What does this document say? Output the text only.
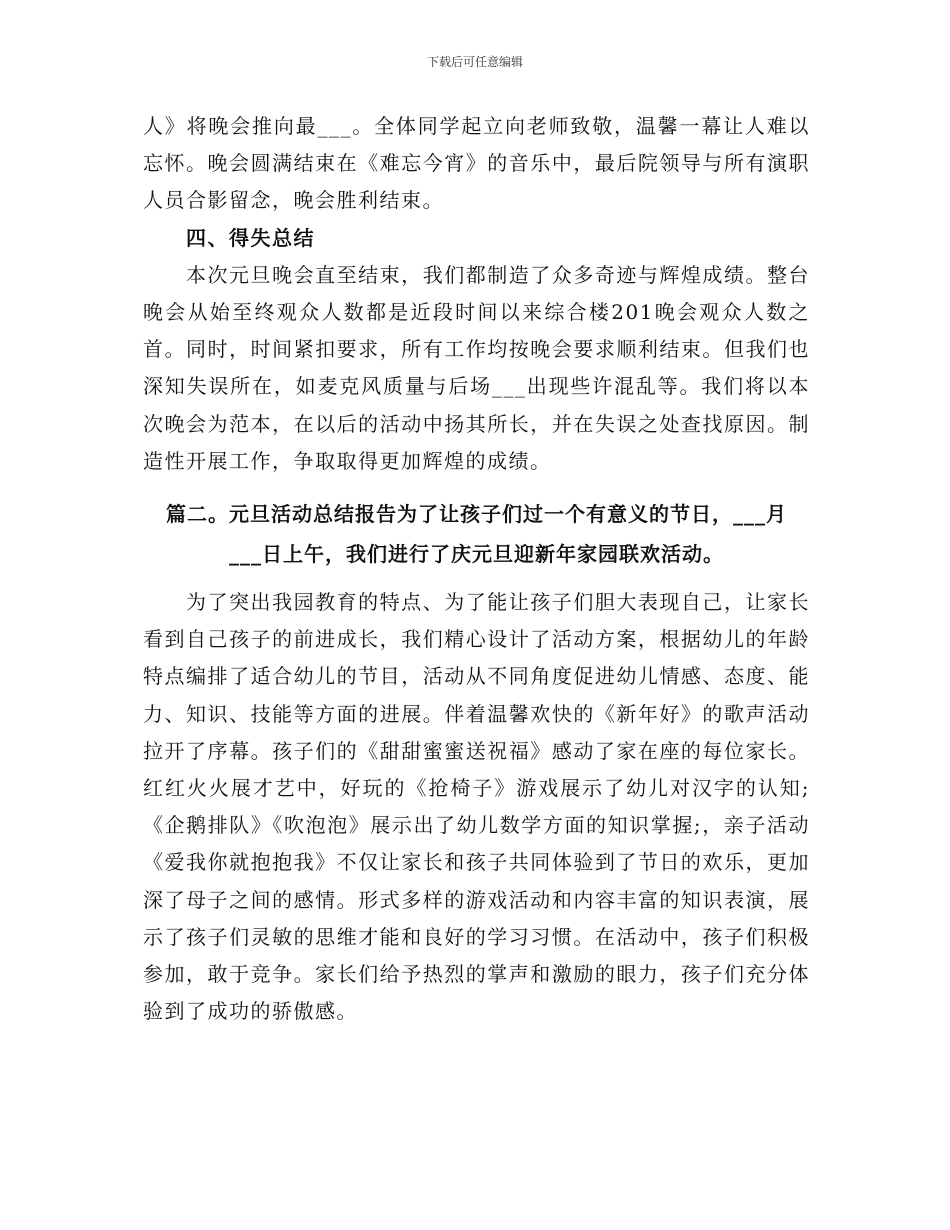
下载后可任意编辑

人》将晚会推向最___。全体同学起立向老师致敬，温馨一幕让人难以忘怀。晚会圆满结束在《难忘今宵》的音乐中，最后院领导与所有演职人员合影留念，晚会胜利结束。

四、得失总结

本次元旦晚会直至结束，我们都制造了众多奇迹与辉煌成绩。整台晚会从始至终观众人数都是近段时间以来综合楼201晚会观众人数之首。同时，时间紧扣要求，所有工作均按晚会要求顺利结束。但我们也深知失误所在，如麦克风质量与后场___出现些许混乱等。我们将以本次晚会为范本，在以后的活动中扬其所长，并在失误之处查找原因。制造性开展工作，争取取得更加辉煌的成绩。

篇二。元旦活动总结报告为了让孩子们过一个有意义的节日，___月___日上午，我们进行了庆元旦迎新年家园联欢活动。

为了突出我园教育的特点、为了能让孩子们胆大表现自己，让家长看到自己孩子的前进成长，我们精心设计了活动方案，根据幼儿的年龄特点编排了适合幼儿的节目，活动从不同角度促进幼儿情感、态度、能力、知识、技能等方面的进展。伴着温馨欢快的《新年好》的歌声活动拉开了序幕。孩子们的《甜甜蜜蜜送祝福》感动了家在座的每位家长。红红火火展才艺中，好玩的《抢椅子》游戏展示了幼儿对汉字的认知;《企鹅排队》《吹泡泡》展示出了幼儿数学方面的知识掌握;，亲子活动《爱我你就抱抱我》不仅让家长和孩子共同体验到了节日的欢乐，更加深了母子之间的感情。形式多样的游戏活动和内容丰富的知识表演，展示了孩子们灵敏的思维才能和良好的学习习惯。在活动中，孩子们积极参加，敢于竞争。家长们给予热烈的掌声和激励的眼力，孩子们充分体验到了成功的骄傲感。
